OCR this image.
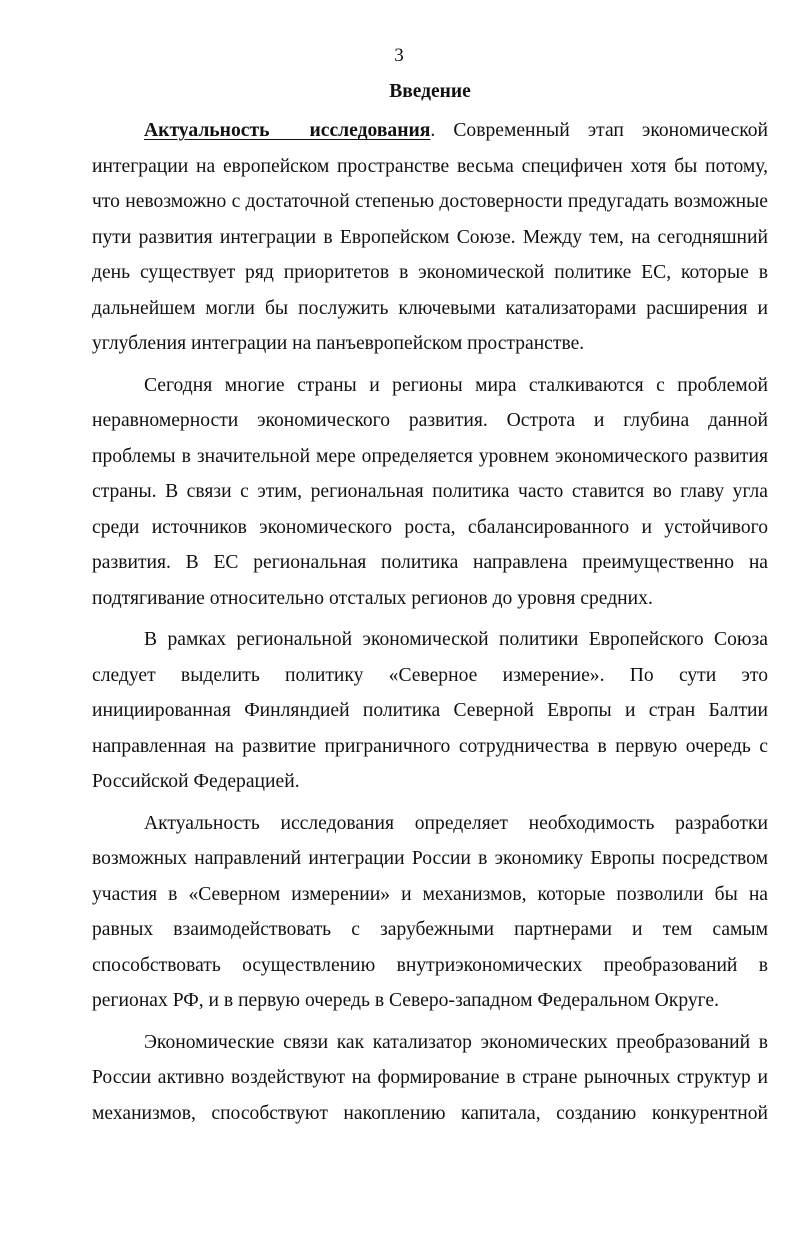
3
Введение

Актуальность исследования. Современный этап экономической интеграции на европейском пространстве весьма специфичен хотя бы потому, что невозможно с достаточной степенью достоверности предугадать возможные пути развития интеграции в Европейском Союзе. Между тем, на сегодняшний день существует ряд приоритетов в экономической политике ЕС, которые в дальнейшем могли бы послужить ключевыми катализаторами расширения и углубления интеграции на панъевропейском пространстве.

Сегодня многие страны и регионы мира сталкиваются с проблемой неравномерности экономического развития. Острота и глубина данной проблемы в значительной мере определяется уровнем экономического развития страны. В связи с этим, региональная политика часто ставится во главу угла среди источников экономического роста, сбалансированного и устойчивого развития. В ЕС региональная политика направлена преимущественно на подтягивание относительно отсталых регионов до уровня средних.

В рамках региональной экономической политики Европейского Союза следует выделить политику «Северное измерение». По сути это инициированная Финляндией политика Северной Европы и стран Балтии направленная на развитие приграничного сотрудничества в первую очередь с Российской Федерацией.

Актуальность исследования определяет необходимость разработки возможных направлений интеграции России в экономику Европы посредством участия в «Северном измерении» и механизмов, которые позволили бы на равных взаимодействовать с зарубежными партнерами и тем самым способствовать осуществлению внутриэкономических преобразований в регионах РФ, и в первую очередь в Северо-западном Федеральном Округе.

Экономические связи как катализатор экономических преобразований в России активно воздействуют на формирование в стране рыночных структур и механизмов, способствуют накоплению капитала, созданию конкурентной
